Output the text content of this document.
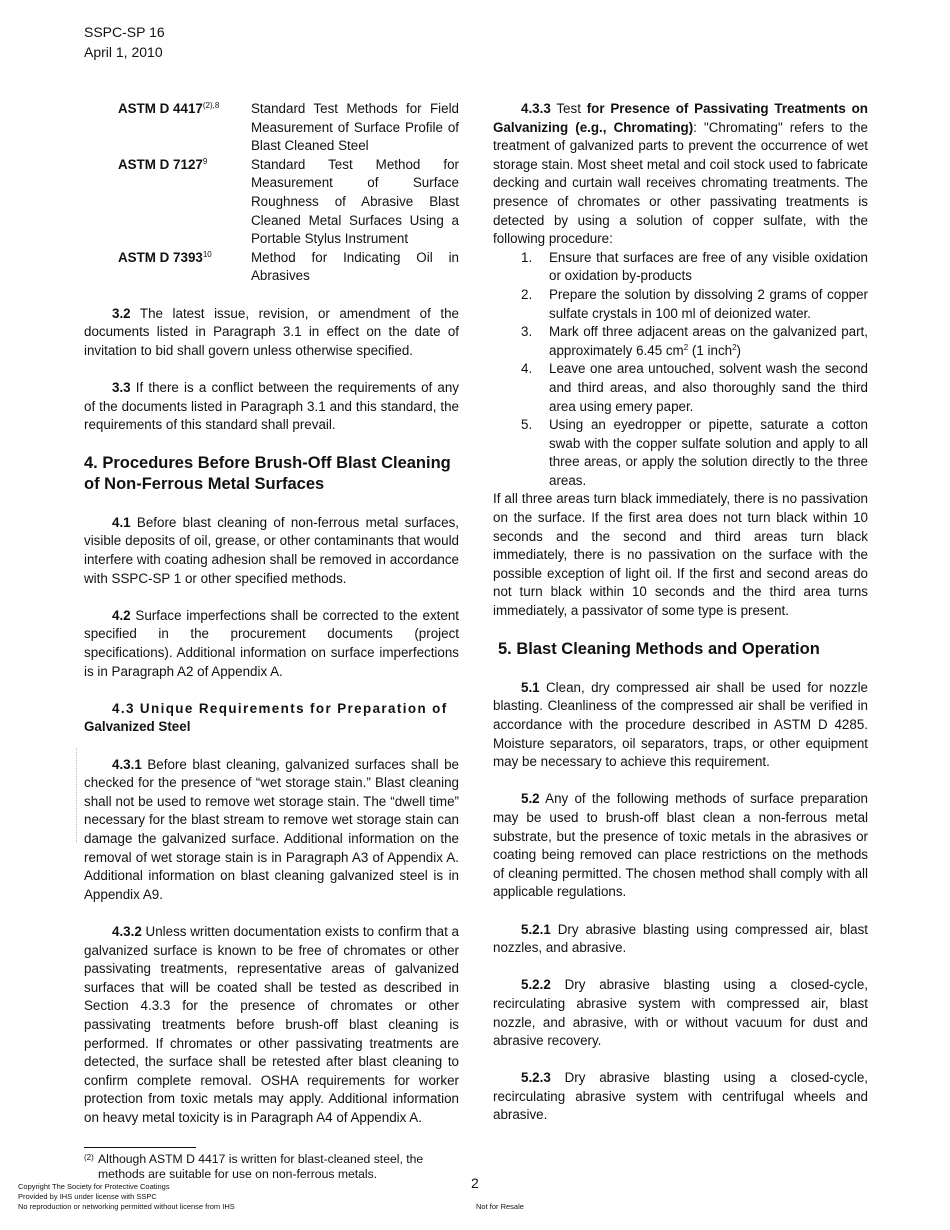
SSPC-SP 16
April 1, 2010
ASTM D $4417^{(2),8}$	Standard Test Methods for Field Measurement of Surface Profile of Blast Cleaned Steel
ASTM D 7127$^9$	Standard Test Method for Measurement of Surface Roughness of Abrasive Blast Cleaned Metal Surfaces Using a Portable Stylus Instrument
ASTM D 7393$^{10}$	Method for Indicating Oil in Abrasives

3.2 The latest issue, revision, or amendment of the documents listed in Paragraph 3.1 in effect on the date of invitation to bid shall govern unless otherwise specified.

3.3 If there is a conflict between the requirements of any of the documents listed in Paragraph 3.1 and this standard, the requirements of this standard shall prevail.

4. Procedures Before Brush-Off Blast Cleaning of Non-Ferrous Metal Surfaces

4.1 Before blast cleaning of non-ferrous metal surfaces, visible deposits of oil, grease, or other contaminants that would interfere with coating adhesion shall be removed in accordance with SSPC-SP 1 or other specified methods.

4.2 Surface imperfections shall be corrected to the extent specified in the procurement documents (project specifications). Additional information on surface imperfections is in Paragraph A2 of Appendix A.

4.3 Unique Requirements for Preparation of
Galvanized Steel

4.3.1 Before blast cleaning, galvanized surfaces shall be checked for the presence of “wet storage stain.” Blast cleaning shall not be used to remove wet storage stain. The “dwell time” necessary for the blast stream to remove wet storage stain can damage the galvanized surface. Additional information on the removal of wet storage stain is in Paragraph A3 of Appendix A. Additional information on blast cleaning galvanized steel is in Appendix A9.

4.3.2 Unless written documentation exists to confirm that a galvanized surface is known to be free of chromates or other passivating treatments, representative areas of galvanized surfaces that will be coated shall be tested as described in Section 4.3.3 for the presence of chromates or other passivating treatments before brush-off blast cleaning is performed. If chromates or other passivating treatments are detected, the surface shall be retested after blast cleaning to confirm complete removal. OSHA requirements for worker protection from toxic metals may apply. Additional information on heavy metal toxicity is in Paragraph A4 of Appendix A.

4.3.3 Test for Presence of Passivating Treatments on Galvanizing (e.g., Chromating): "Chromating" refers to the treatment of galvanized parts to prevent the occurrence of wet storage stain. Most sheet metal and coil stock used to fabricate decking and curtain wall receives chromating treatments. The presence of chromates or other passivating treatments is detected by using a solution of copper sulfate, with the following procedure:

1. Ensure that surfaces are free of any visible oxidation or oxidation by-products
2. Prepare the solution by dissolving 2 grams of copper sulfate crystals in 100 ml of deionized water.
3. Mark off three adjacent areas on the galvanized part, approximately 6.45 $cm^2$ (1 inch$^2$)
4. Leave one area untouched, solvent wash the second and third areas, and also thoroughly sand the third area using emery paper.
5. Using an eyedropper or pipette, saturate a cotton swab with the copper sulfate solution and apply to all three areas, or apply the solution directly to the three areas.

If all three areas turn black immediately, there is no passivation on the surface. If the first area does not turn black within 10 seconds and the second and third areas turn black immediately, there is no passivation on the surface with the possible exception of light oil. If the first and second areas do not turn black within 10 seconds and the third area turns immediately, a passivator of some type is present.

5. Blast Cleaning Methods and Operation

5.1 Clean, dry compressed air shall be used for nozzle blasting. Cleanliness of the compressed air shall be verified in accordance with the procedure described in ASTM D 4285. Moisture separators, oil separators, traps, or other equipment may be necessary to achieve this requirement.

5.2 Any of the following methods of surface preparation may be used to brush-off blast clean a non-ferrous metal substrate, but the presence of toxic metals in the abrasives or coating being removed can place restrictions on the methods of cleaning permitted. The chosen method shall comply with all applicable regulations.

5.2.1 Dry abrasive blasting using compressed air, blast nozzles, and abrasive.

5.2.2 Dry abrasive blasting using a closed-cycle, recirculating abrasive system with compressed air, blast nozzle, and abrasive, with or without vacuum for dust and abrasive recovery.

5.2.3 Dry abrasive blasting using a closed-cycle, recirculating abrasive system with centrifugal wheels and abrasive.

(2) Although ASTM D 4417 is written for blast-cleaned steel, the methods are suitable for use on non-ferrous metals.
2
Copyright The Society for Protective Coatings
Provided by IHS under license with SSPC
No reproduction or networking permitted without license from IHS	Not for Resale
